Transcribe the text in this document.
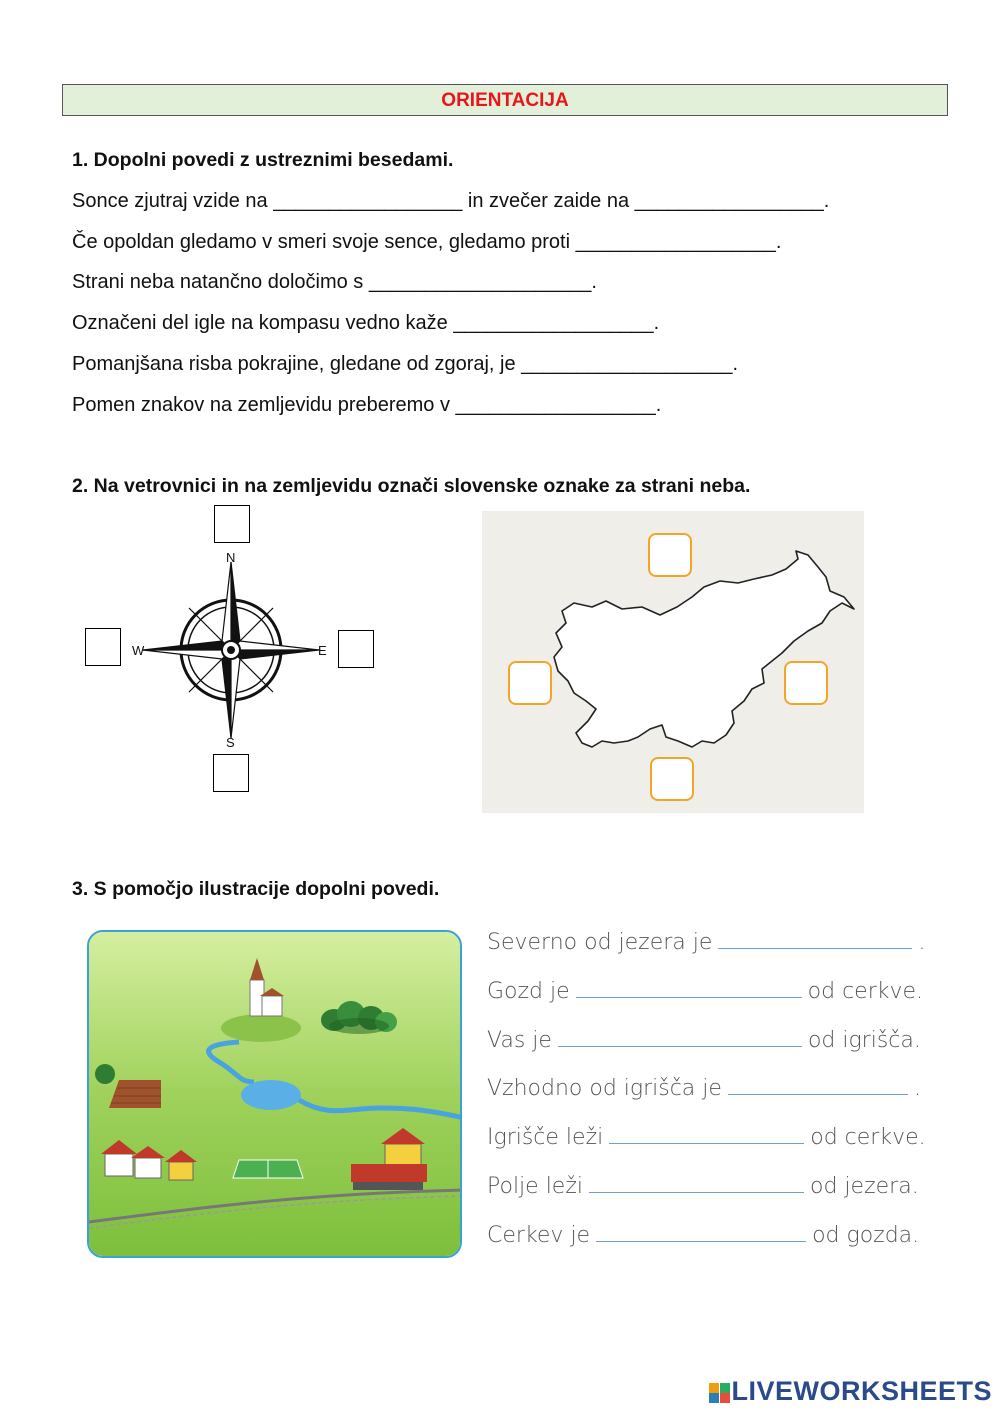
ORIENTACIJA
1. Dopolni povedi z ustreznimi besedami.
Sonce zjutraj vzide na _________________ in zvečer zaide na _________________.
Če opoldan gledamo v smeri svoje sence, gledamo proti __________________.
Strani neba natančno določimo s ____________________.
Označeni del igle na kompasu vedno kaže __________________.
Pomanjšana risba pokrajine, gledane od zgoraj, je ___________________.
Pomen znakov na zemljevidu preberemo v __________________.
2. Na vetrovnici in na zemljevidu označi slovenske oznake za strani neba.
N
E
S
W
3. S pomočjo ilustracije dopolni povedi.
Severno od jezera je	.
Gozd je	od cerkve.
Vas je	od igrišča.
Vzhodno od igrišča je	.
Igrišče leži	od cerkve.
Polje leži	od jezera.
Cerkev je	od gozda.

LIVEWORKSHEETS
